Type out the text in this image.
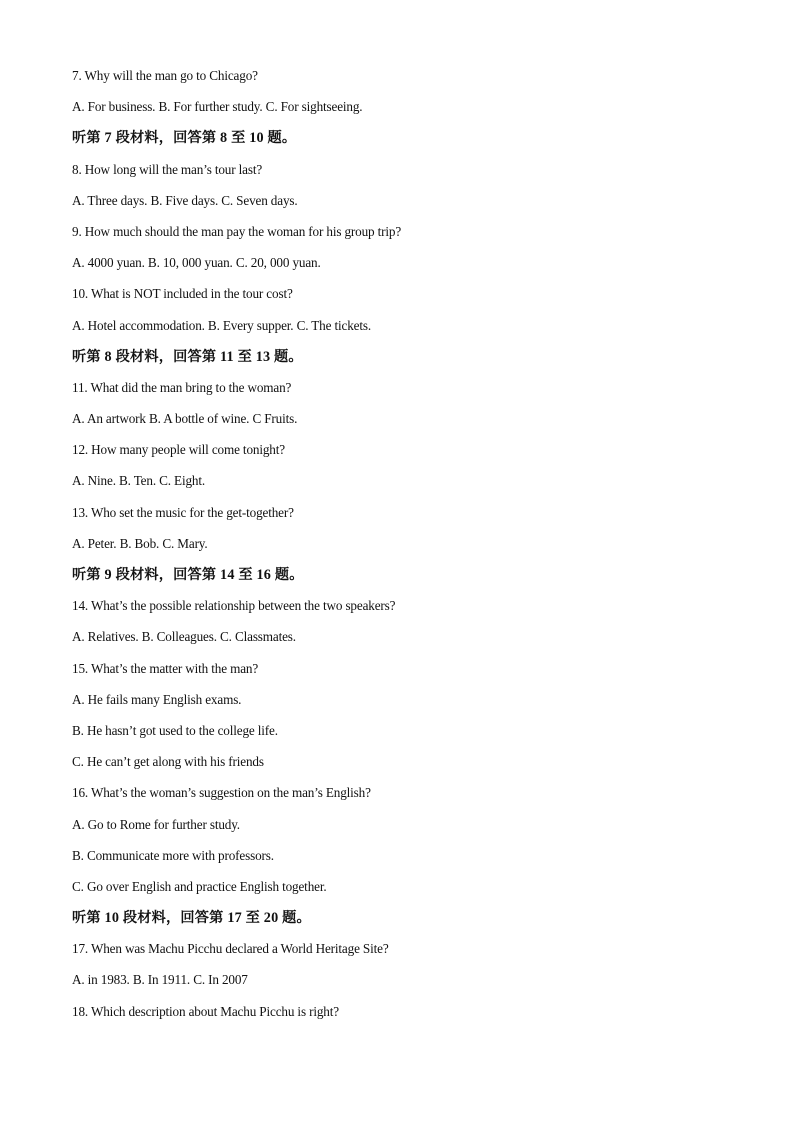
7. Why will the man go to Chicago?
A. For business. B. For further study. C. For sightseeing.
听第 7 段材料，回答第 8 至 10 题。
8. How long will the man’s tour last?
A. Three days. B. Five days. C. Seven days.
9. How much should the man pay the woman for his group trip?
A. 4000 yuan. B. 10, 000 yuan. C. 20, 000 yuan.
10. What is NOT included in the tour cost?
A. Hotel accommodation. B. Every supper. C. The tickets.
听第 8 段材料，回答第 11 至 13 题。
11. What did the man bring to the woman?
A. An artwork B. A bottle of wine. C Fruits.
12. How many people will come tonight?
A. Nine. B. Ten. C. Eight.
13. Who set the music for the get-together?
A. Peter. B. Bob. C. Mary.
听第 9 段材料，回答第 14 至 16 题。
14. What’s the possible relationship between the two speakers?
A. Relatives. B. Colleagues. C. Classmates.
15. What’s the matter with the man?
A. He fails many English exams.
B. He hasn’t got used to the college life.
C. He can’t get along with his friends
16. What’s the woman’s suggestion on the man’s English?
A. Go to Rome for further study.
B. Communicate more with professors.
C. Go over English and practice English together.
听第 10 段材料，回答第 17 至 20 题。
17. When was Machu Picchu declared a World Heritage Site?
A. in 1983. B. In 1911. C. In 2007
18. Which description about Machu Picchu is right?
